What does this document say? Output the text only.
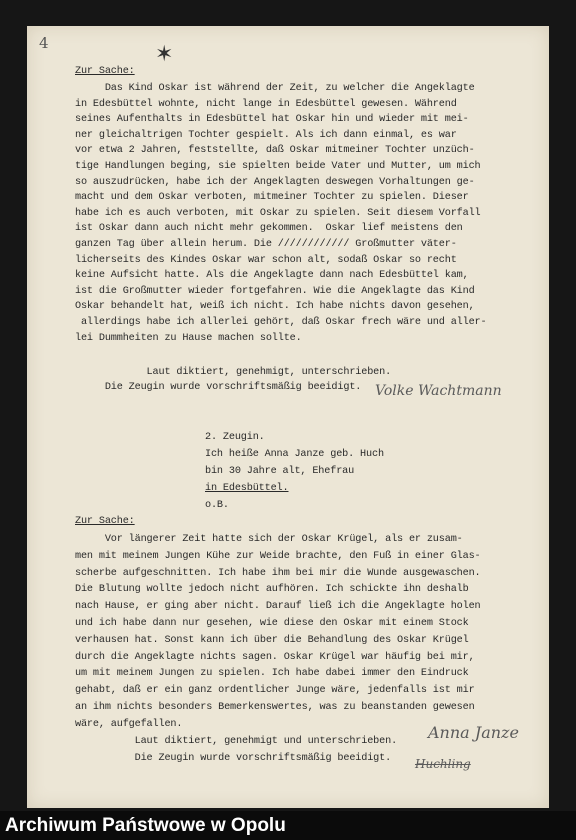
4	✶
Zur Sache:
Das Kind Oskar ist während der Zeit, zu welcher die Angeklagte
in Edesbüttel wohnte, nicht lange in Edesbüttel gewesen. Während
seines Aufenthalts in Edesbüttel hat Oskar hin und wieder mit mei-
ner gleichaltrigen Tochter gespielt. Als ich dann einmal, es war
vor etwa 2 Jahren, feststellte, daß Oskar mitmeiner Tochter unzüch-
tige Handlungen beging, sie spielten beide Vater und Mutter, um mich
so auszudrücken, habe ich der Angeklagten deswegen Vorhaltungen ge-
macht und dem Oskar verboten, mitmeiner Tochter zu spielen. Dieser
habe ich es auch verboten, mit Oskar zu spielen. Seit diesem Vorfall
ist Oskar dann auch nicht mehr gekommen.  Oskar lief meistens den
ganzen Tag über allein herum. Die //////////// Großmutter väter-
licherseits des Kindes Oskar war schon alt, sodaß Oskar so recht
keine Aufsicht hatte. Als die Angeklagte dann nach Edesbüttel kam,
ist die Großmutter wieder fortgefahren. Wie die Angeklagte das Kind
Oskar behandelt hat, weiß ich nicht. Ich habe nichts davon gesehen,
allerdings habe ich allerlei gehört, daß Oskar frech wäre und aller-
lei Dummheiten zu Hause machen sollte.
Laut diktiert, genehmigt, unterschrieben.
Die Zeugin wurde vorschriftsmäßig beeidigt. Volke Wachtmann
2. Zeugin.
Ich heiße Anna Janze geb. Huch
bin 30 Jahre alt, Ehefrau
in Edesbüttel.
o.B.
Zur Sache:
Vor längerer Zeit hatte sich der Oskar Krügel, als er zusam-
men mit meinem Jungen Kühe zur Weide brachte, den Fuß in einer Glas-
scherbe aufgeschnitten. Ich habe ihm bei mir die Wunde ausgewaschen.
Die Blutung wollte jedoch nicht aufhören. Ich schickte ihn deshalb
nach Hause, er ging aber nicht. Darauf ließ ich die Angeklagte holen
und ich habe dann nur gesehen, wie diese den Oskar mit einem Stock
verhausen hat. Sonst kann ich über die Behandlung des Oskar Krügel
durch die Angeklagte nichts sagen. Oskar Krügel war häufig bei mir,
um mit meinem Jungen zu spielen. Ich habe dabei immer den Eindruck
gehabt, daß er ein ganz ordentlicher Junge wäre, jedenfalls ist mir
an ihm nichts besonders Bemerkenswertes, was zu beanstanden gewesen
wäre, aufgefallen.
Laut diktiert, genehmigt und unterschrieben.
Die Zeugin wurde vorschriftsmäßig beeidigt.
Anna Janze
Huchling
Archiwum Państwowe w Opolu
